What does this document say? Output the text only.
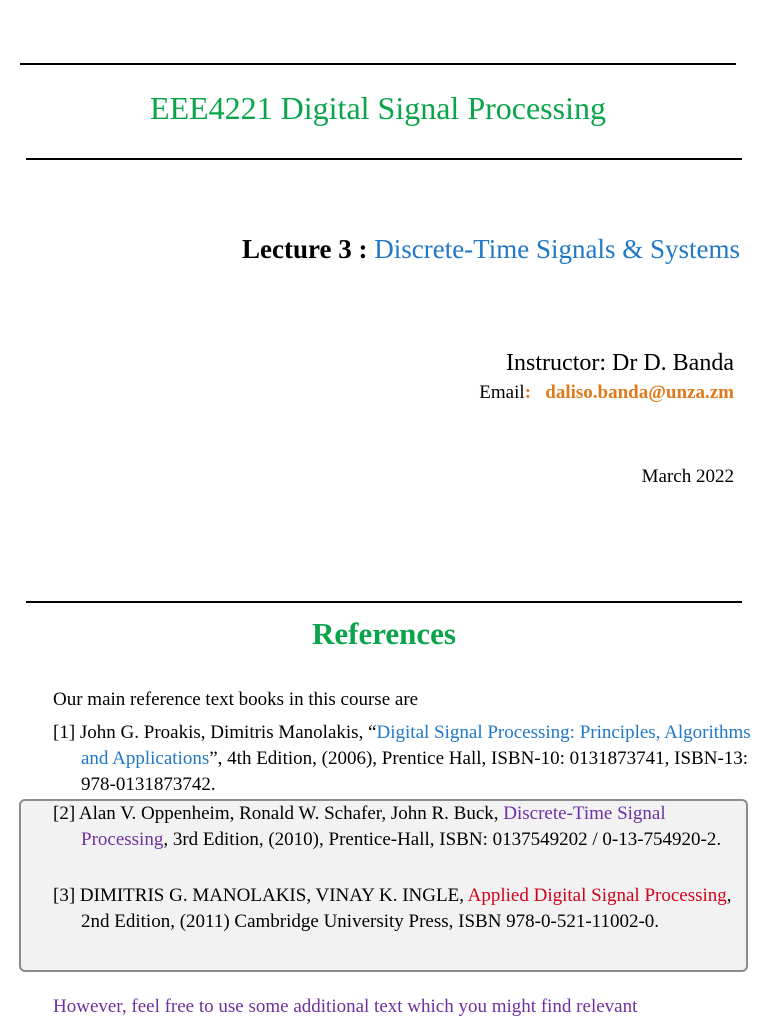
EEE4221 Digital Signal Processing
Lecture 3 : Discrete-Time Signals & Systems
Instructor: Dr D. Banda
Email: daliso.banda@unza.zm
March 2022
References
Our main reference text books in this course are
[1] John G. Proakis, Dimitris Manolakis, “Digital Signal Processing: Principles, Algorithms and Applications”, 4th Edition, (2006), Prentice Hall, ISBN-10: 0131873741, ISBN-13: 978-0131873742.
[2] Alan V. Oppenheim, Ronald W. Schafer, John R. Buck, Discrete-Time Signal Processing, 3rd Edition, (2010), Prentice-Hall, ISBN: 0137549202 / 0-13-754920-2.
[3] DIMITRIS G. MANOLAKIS, VINAY K. INGLE, Applied Digital Signal Processing, 2nd Edition, (2011) Cambridge University Press, ISBN 978-0-521-11002-0.
However, feel free to use some additional text which you might find relevant
